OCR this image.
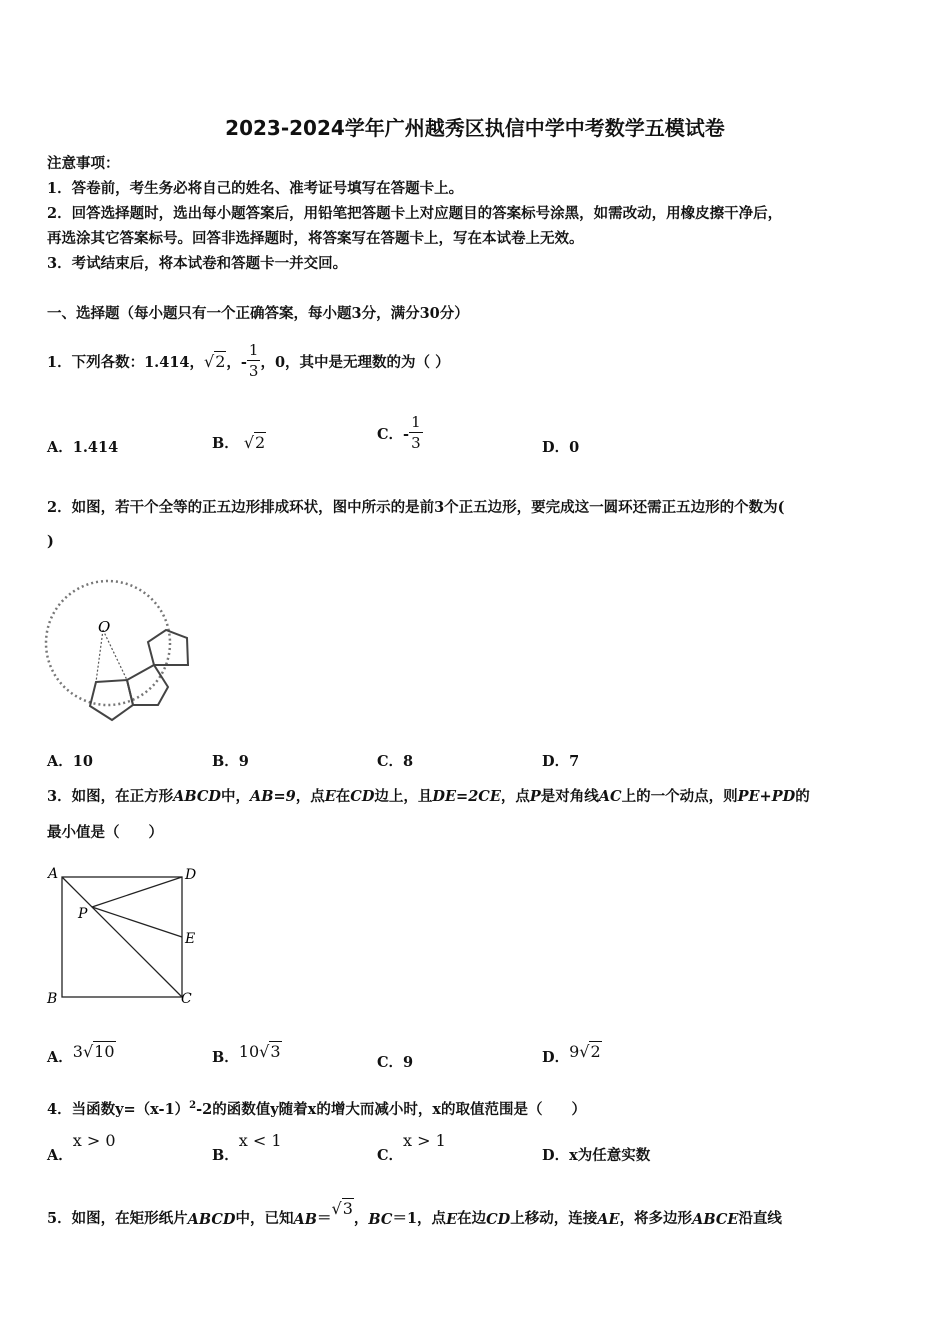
2023-2024学年广州越秀区执信中学中考数学五模试卷
注意事项：
1．答卷前，考生务必将自己的姓名、准考证号填写在答题卡上。
2．回答选择题时，选出每小题答案后，用铅笔把答题卡上对应题目的答案标号涂黑，如需改动，用橡皮擦干净后，
再选涂其它答案标号。回答非选择题时，将答案写在答题卡上，写在本试卷上无效。
3．考试结束后，将本试卷和答题卡一并交回。
一、选择题（每小题只有一个正确答案，每小题3分，满分30分）
1．下列各数：1.414， √2 ，- $\frac{1}{3}$ ，0，其中是无理数的为（ ）
A．1.414	B． √2	C．- $\frac{1}{3}$	D．0
2．如图，若干个全等的正五边形排成环状，图中所示的是前3个正五边形，要完成这一圆环还需正五边形的个数为(
)
O
A．10	B．9	C．8	D．7
3．如图，在正方形ABCD中，AB=9，点E在CD边上，且DE=2CE，点P是对角线AC上的一个动点，则PE+PD的
最小值是（　　）
A	D
E
B	C
P
A．3√10	B．10√3
C．9	D．9√2
4．当函数$y=(x-1)^2-2$的函数值y随着x的增大而减小时，x的取值范围是（　　）
A．x > 0
B．x < 1
C．x > 1
D．x为任意实数
5．如图，在矩形纸片 ABCD 中，已知 AB ＝
√3
， BC ＝1，点 E 在边 CD 上移动，连接 AE ，将多边形 ABCE 沿直线
